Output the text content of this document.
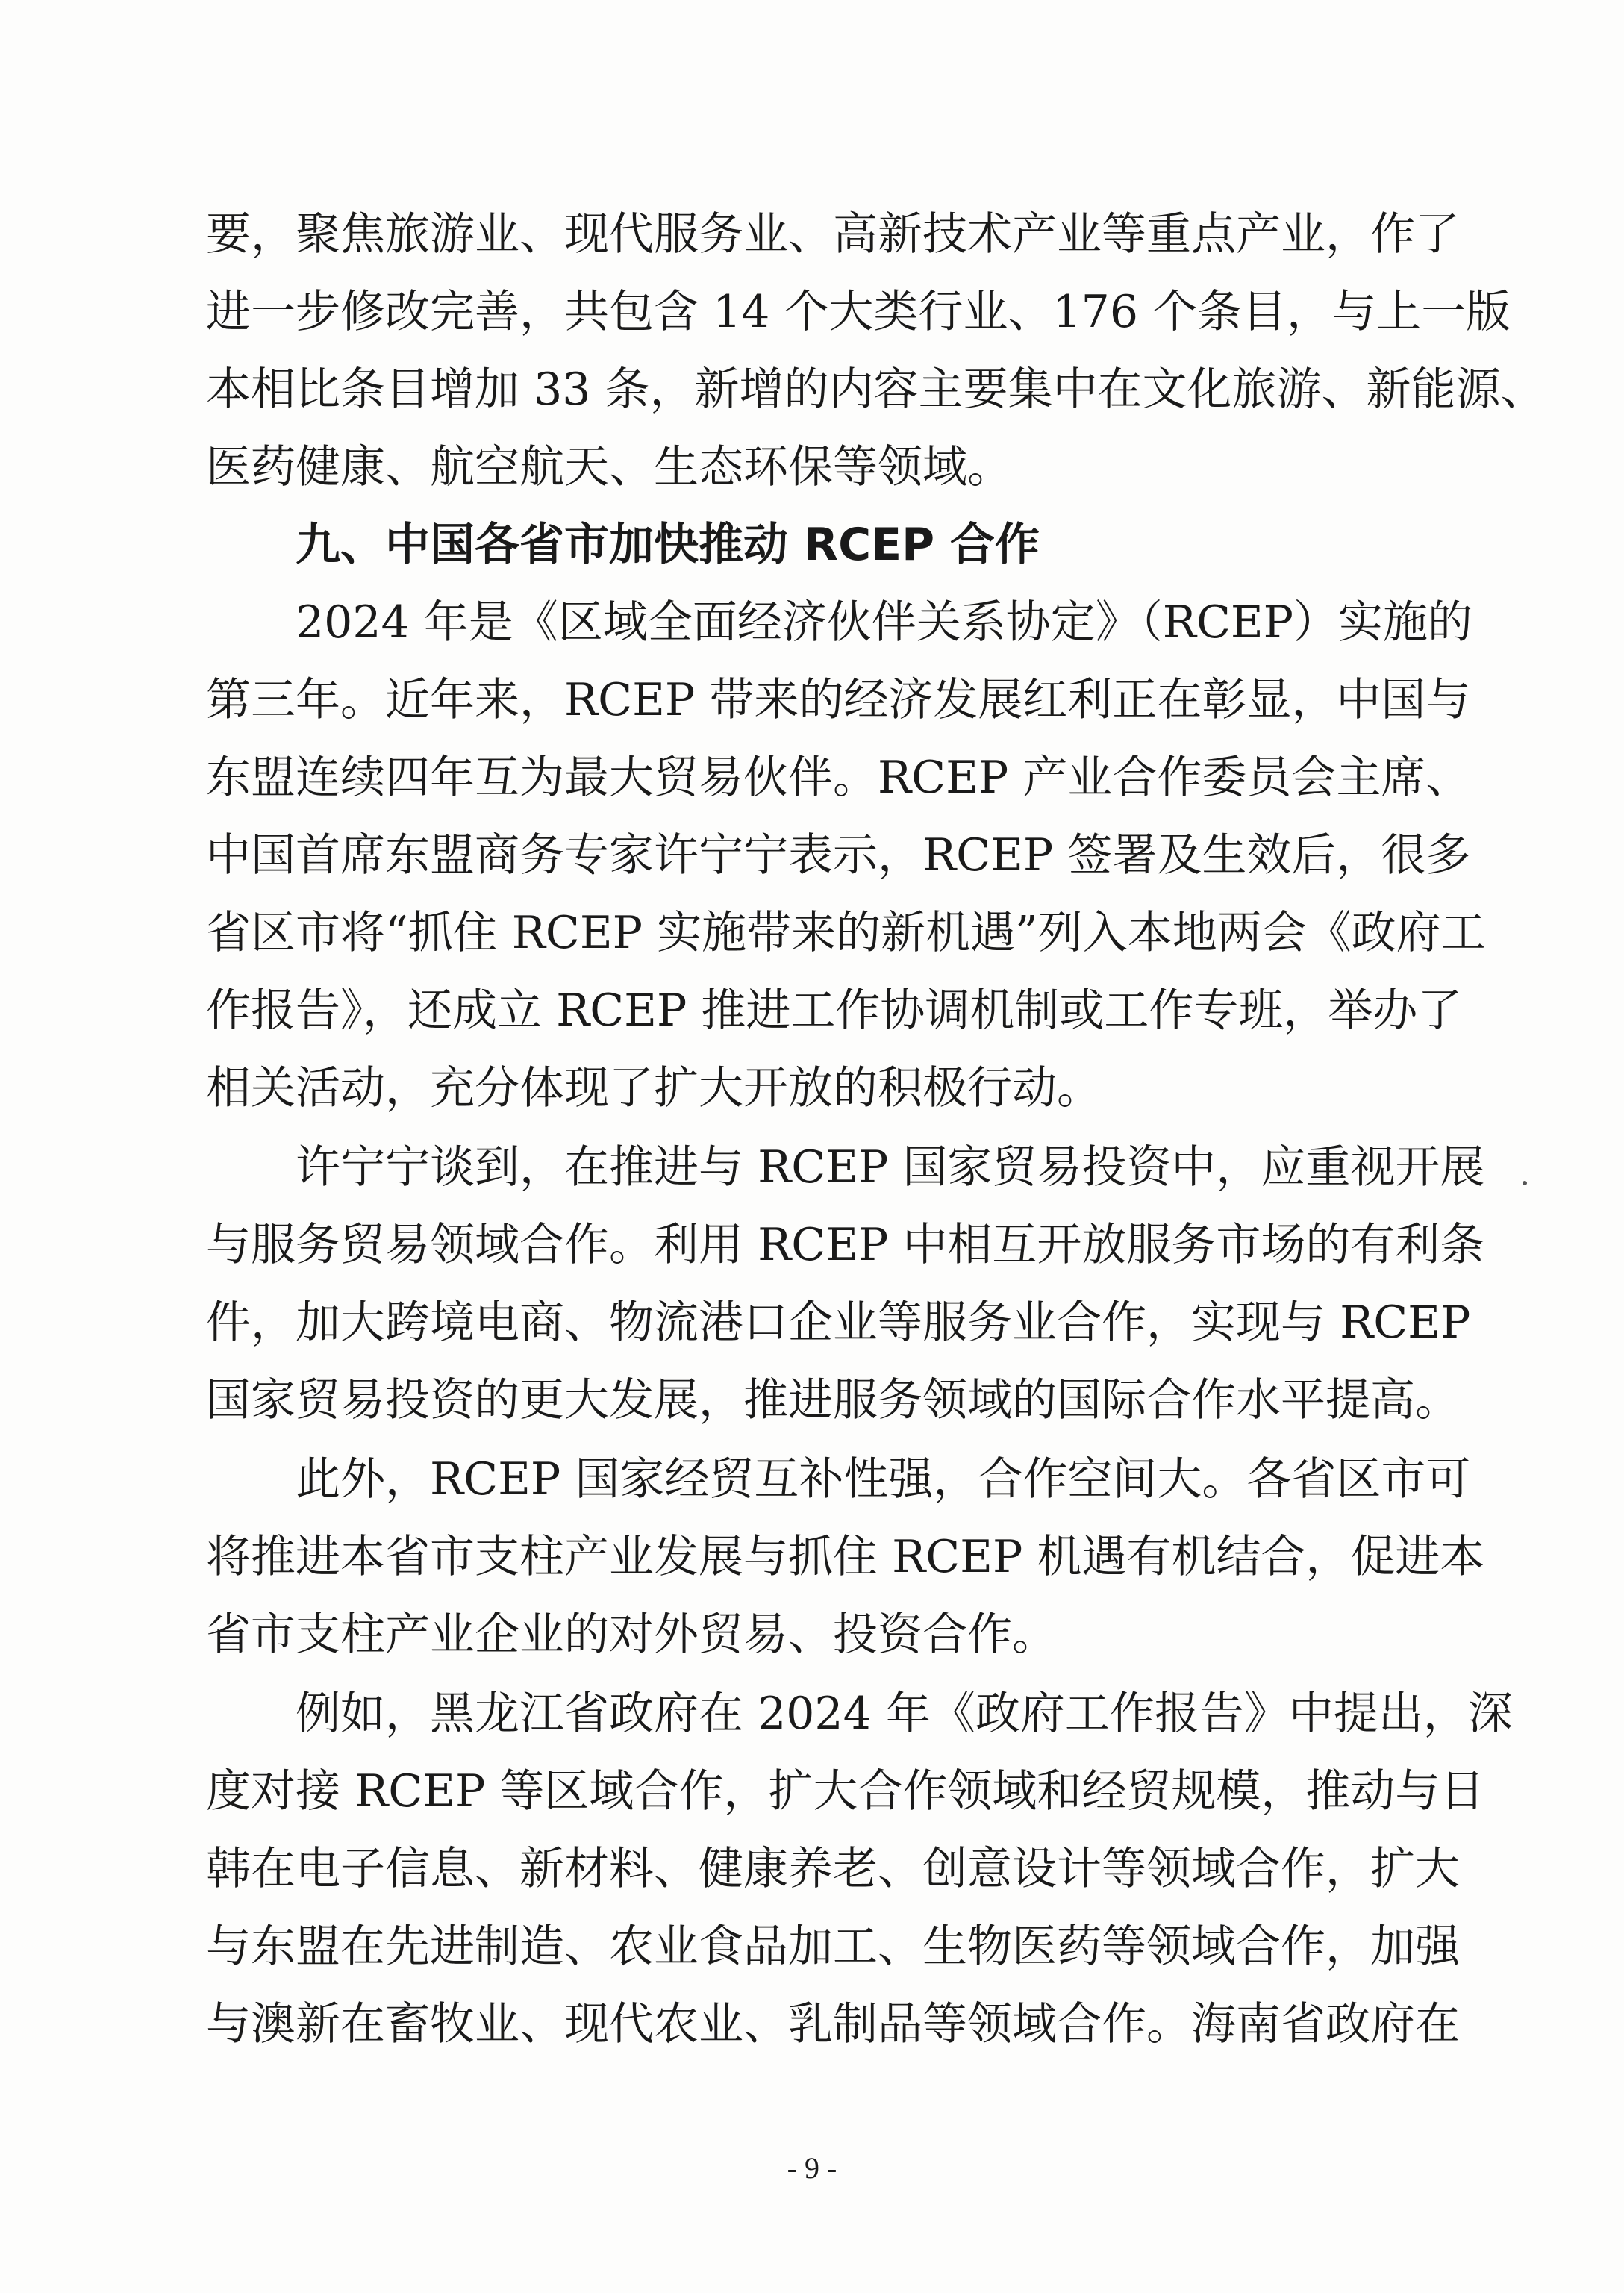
要，聚焦旅游业、现代服务业、高新技术产业等重点产业，作了
进一步修改完善，共包含 14 个大类行业、176 个条目，与上一版
本相比条目增加 33 条，新增的内容主要集中在文化旅游、新能源、
医药健康、航空航天、生态环保等领域。
九、中国各省市加快推动 RCEP 合作
2024 年是《区域全面经济伙伴关系协定》（RCEP）实施的
第三年。近年来，RCEP 带来的经济发展红利正在彰显，中国与
东盟连续四年互为最大贸易伙伴。RCEP 产业合作委员会主席、
中国首席东盟商务专家许宁宁表示，RCEP 签署及生效后，很多
省区市将“抓住 RCEP 实施带来的新机遇”列入本地两会《政府工
作报告》，还成立 RCEP 推进工作协调机制或工作专班，举办了
相关活动，充分体现了扩大开放的积极行动。
许宁宁谈到，在推进与 RCEP 国家贸易投资中，应重视开展
与服务贸易领域合作。利用 RCEP 中相互开放服务市场的有利条
件，加大跨境电商、物流港口企业等服务业合作，实现与 RCEP
国家贸易投资的更大发展，推进服务领域的国际合作水平提高。
此外，RCEP 国家经贸互补性强，合作空间大。各省区市可
将推进本省市支柱产业发展与抓住 RCEP 机遇有机结合，促进本
省市支柱产业企业的对外贸易、投资合作。
例如，黑龙江省政府在 2024 年《政府工作报告》中提出，深
度对接 RCEP 等区域合作，扩大合作领域和经贸规模，推动与日
韩在电子信息、新材料、健康养老、创意设计等领域合作，扩大
与东盟在先进制造、农业食品加工、生物医药等领域合作，加强
与澳新在畜牧业、现代农业、乳制品等领域合作。海南省政府在
- 9 -
